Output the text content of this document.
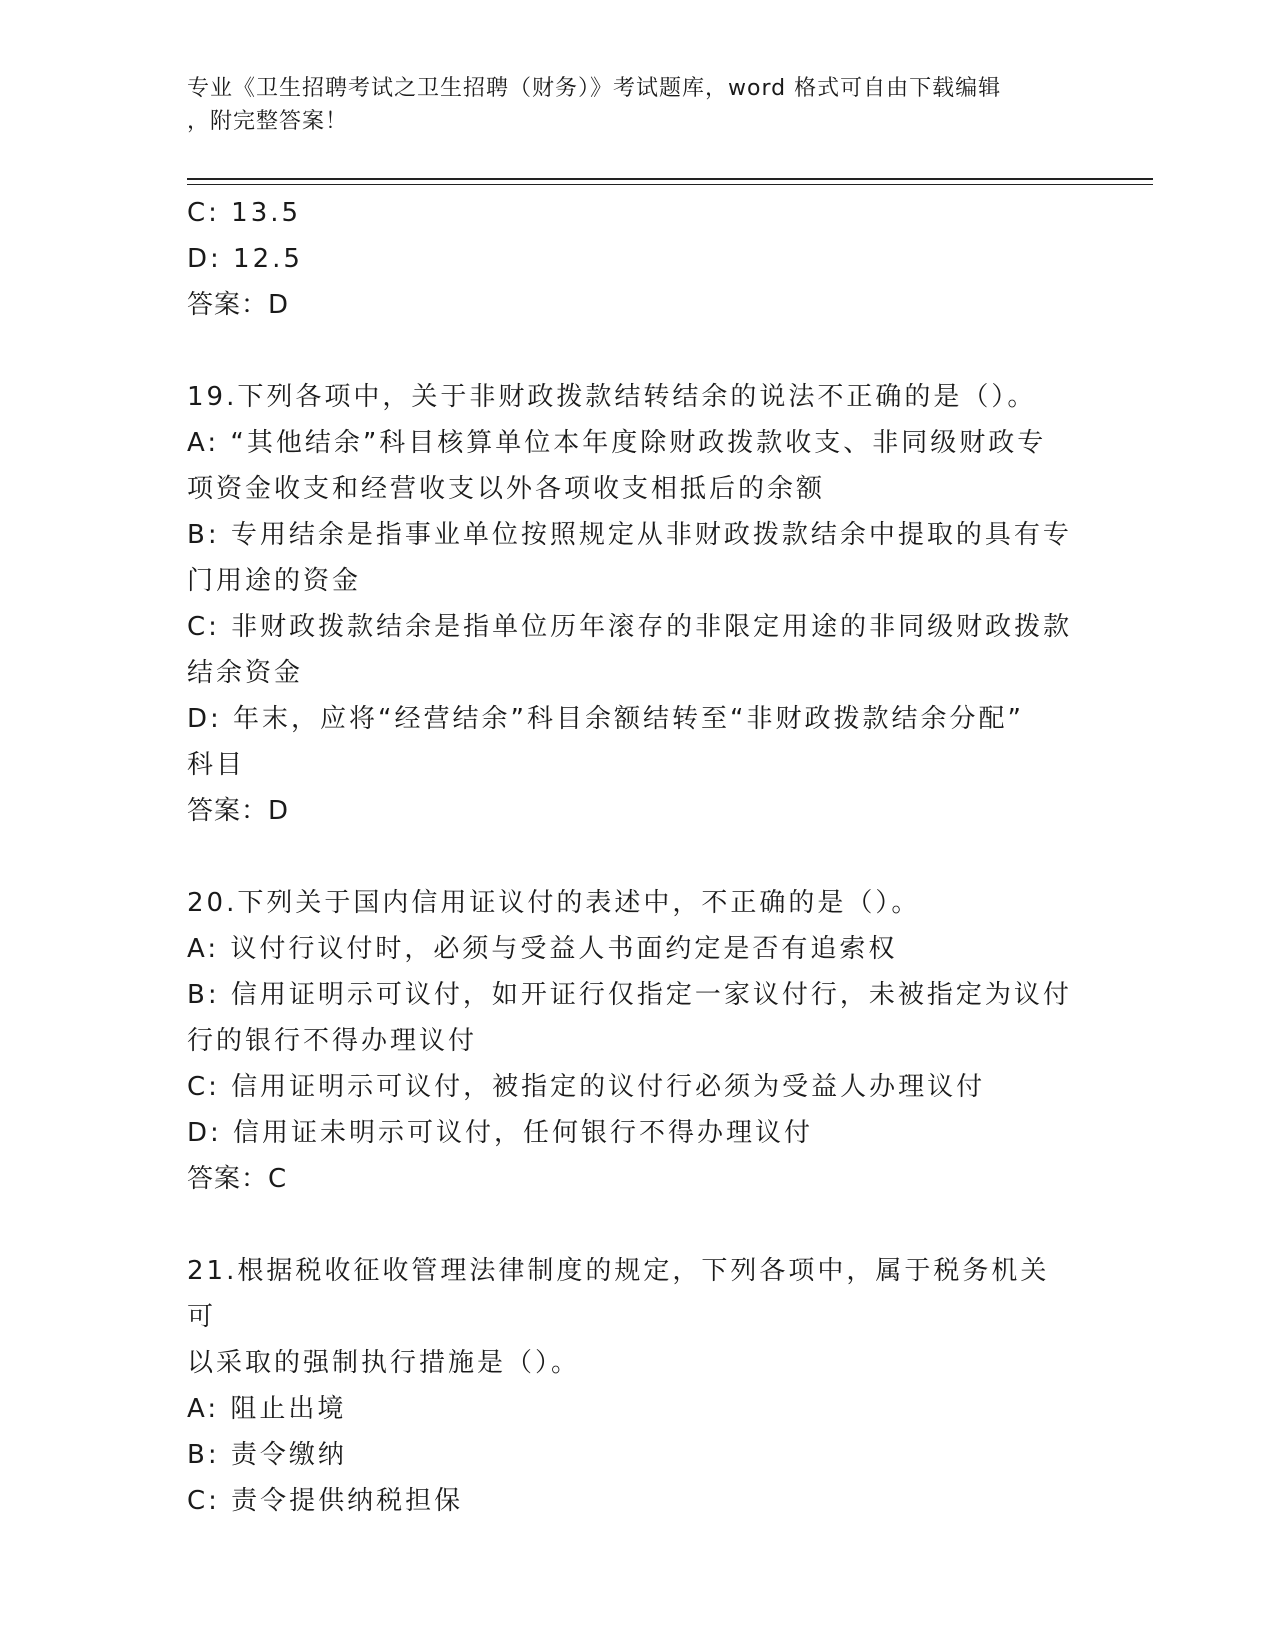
专业《卫生招聘考试之卫生招聘（财务）》考试题库，word 格式可自由下载编辑
，附完整答案！
C: 13.5
D: 12.5
答案：D
19.下列各项中，关于非财政拨款结转结余的说法不正确的是（）。
A: “其他结余”科目核算单位本年度除财政拨款收支、非同级财政专
项资金收支和经营收支以外各项收支相抵后的余额
B: 专用结余是指事业单位按照规定从非财政拨款结余中提取的具有专
门用途的资金
C: 非财政拨款结余是指单位历年滚存的非限定用途的非同级财政拨款
结余资金
D: 年末，应将“经营结余”科目余额结转至“非财政拨款结余分配”
科目
答案：D
20.下列关于国内信用证议付的表述中，不正确的是（）。
A: 议付行议付时，必须与受益人书面约定是否有追索权
B: 信用证明示可议付，如开证行仅指定一家议付行，未被指定为议付
行的银行不得办理议付
C: 信用证明示可议付，被指定的议付行必须为受益人办理议付
D: 信用证未明示可议付，任何银行不得办理议付
答案：C
21.根据税收征收管理法律制度的规定，下列各项中，属于税务机关可
以采取的强制执行措施是（）。
A: 阻止出境
B: 责令缴纳
C: 责令提供纳税担保
